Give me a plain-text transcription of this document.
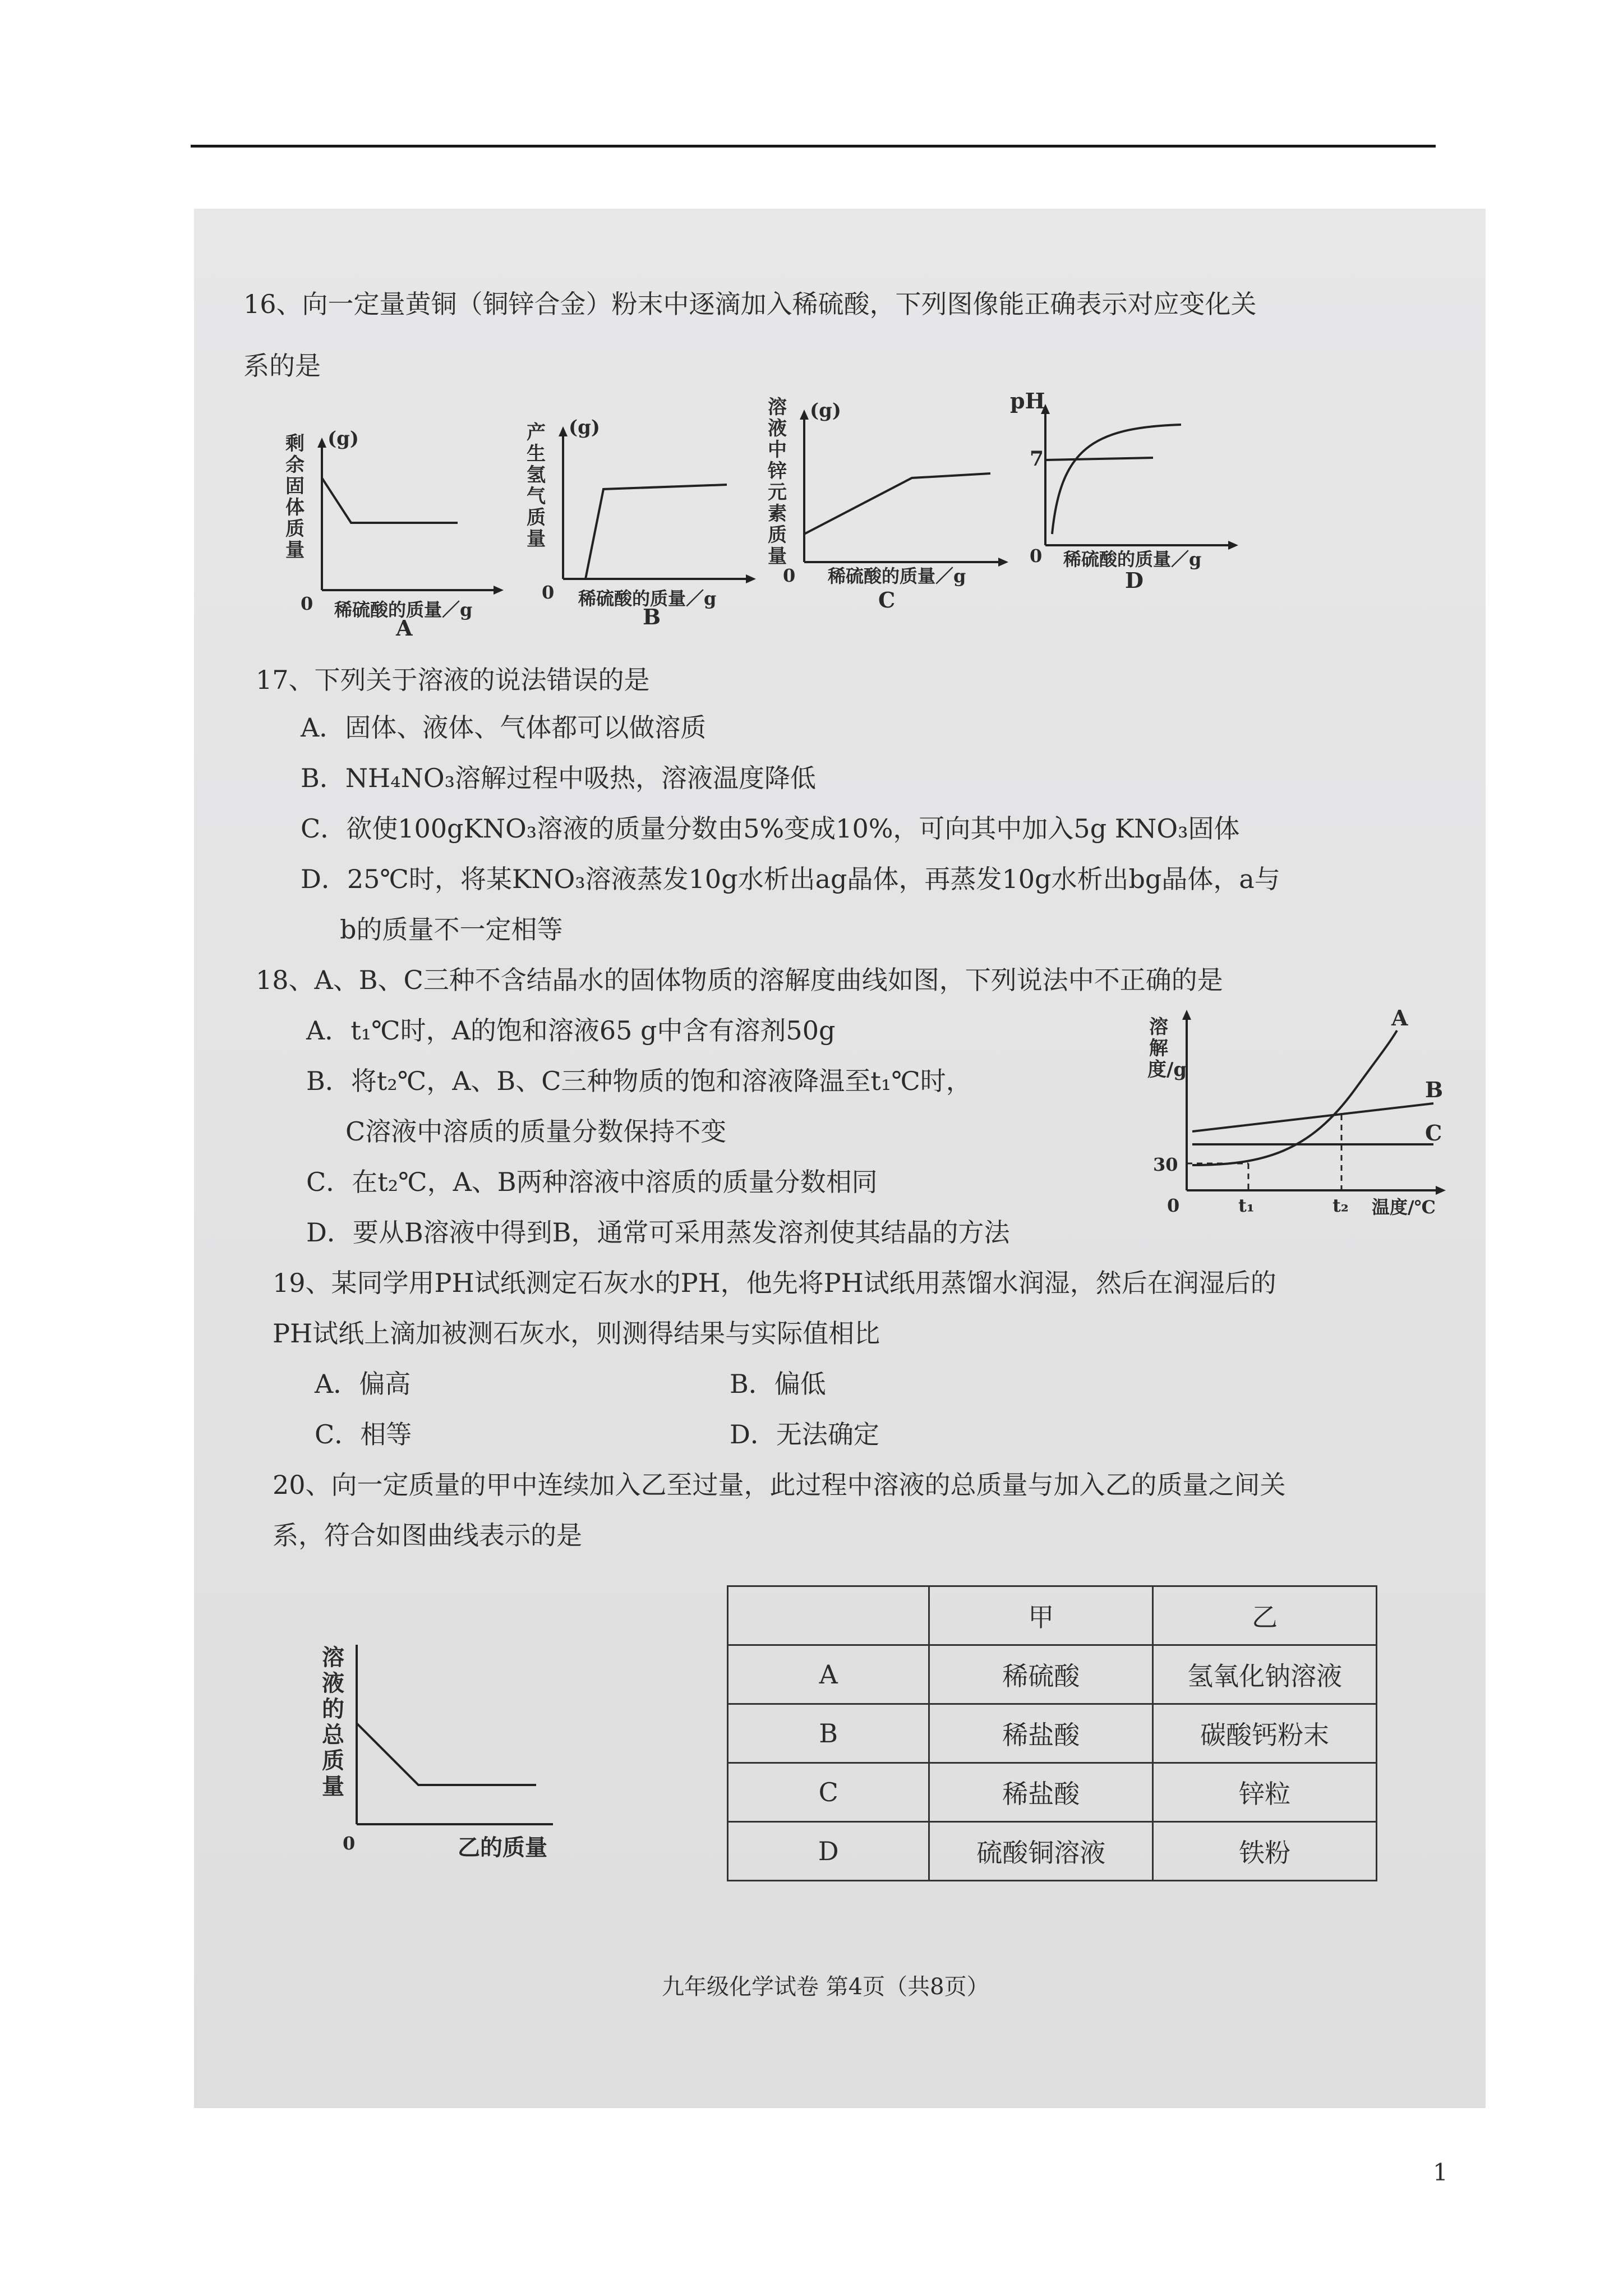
16、向一定量黄铜（铜锌合金）粉末中逐滴加入稀硫酸，下列图像能正确表示对应变化关
系的是
剩余固体质量
(g)
0 稀硫酸的质量／g
A
产生氢气质量
(g)
0 稀硫酸的质量／g
B
溶液中锌元素质量
(g)
0 稀硫酸的质量／g
C
pH
7
0 稀硫酸的质量／g
D
17、下列关于溶液的说法错误的是
A．固体、液体、气体都可以做溶质
B．NH₄NO₃溶解过程中吸热，溶液温度降低
C．欲使100gKNO₃溶液的质量分数由5%变成10%，可向其中加入5g KNO₃固体
D．25℃时，将某KNO₃溶液蒸发10g水析出ag晶体，再蒸发10g水析出bg晶体，a与
b的质量不一定相等
18、A、B、C三种不含结晶水的固体物质的溶解度曲线如图，下列说法中不正确的是
A．t₁℃时，A的饱和溶液65 g中含有溶剂50g
B．将t₂℃，A、B、C三种物质的饱和溶液降温至t₁℃时，
C溶液中溶质的质量分数保持不变
C．在t₂℃，A、B两种溶液中溶质的质量分数相同
D．要从B溶液中得到B，通常可采用蒸发溶剂使其结晶的方法
溶解度/g
30
0	t₁	t₂ 温度/℃
A
B
C
19、某同学用PH试纸测定石灰水的PH，他先将PH试纸用蒸馏水润湿，然后在润湿后的
PH试纸上滴加被测石灰水，则测得结果与实际值相比
A．偏高	B．偏低
C．相等	D．无法确定
20、向一定质量的甲中连续加入乙至过量，此过程中溶液的总质量与加入乙的质量之间关
系，符合如图曲线表示的是
溶液的总质量
0	乙的质量
	甲	乙
A	稀硫酸	氢氧化钠溶液
B	稀盐酸	碳酸钙粉末
C	稀盐酸	锌粒
D	硫酸铜溶液	铁粉
九年级化学试卷 第4页（共8页）
1
